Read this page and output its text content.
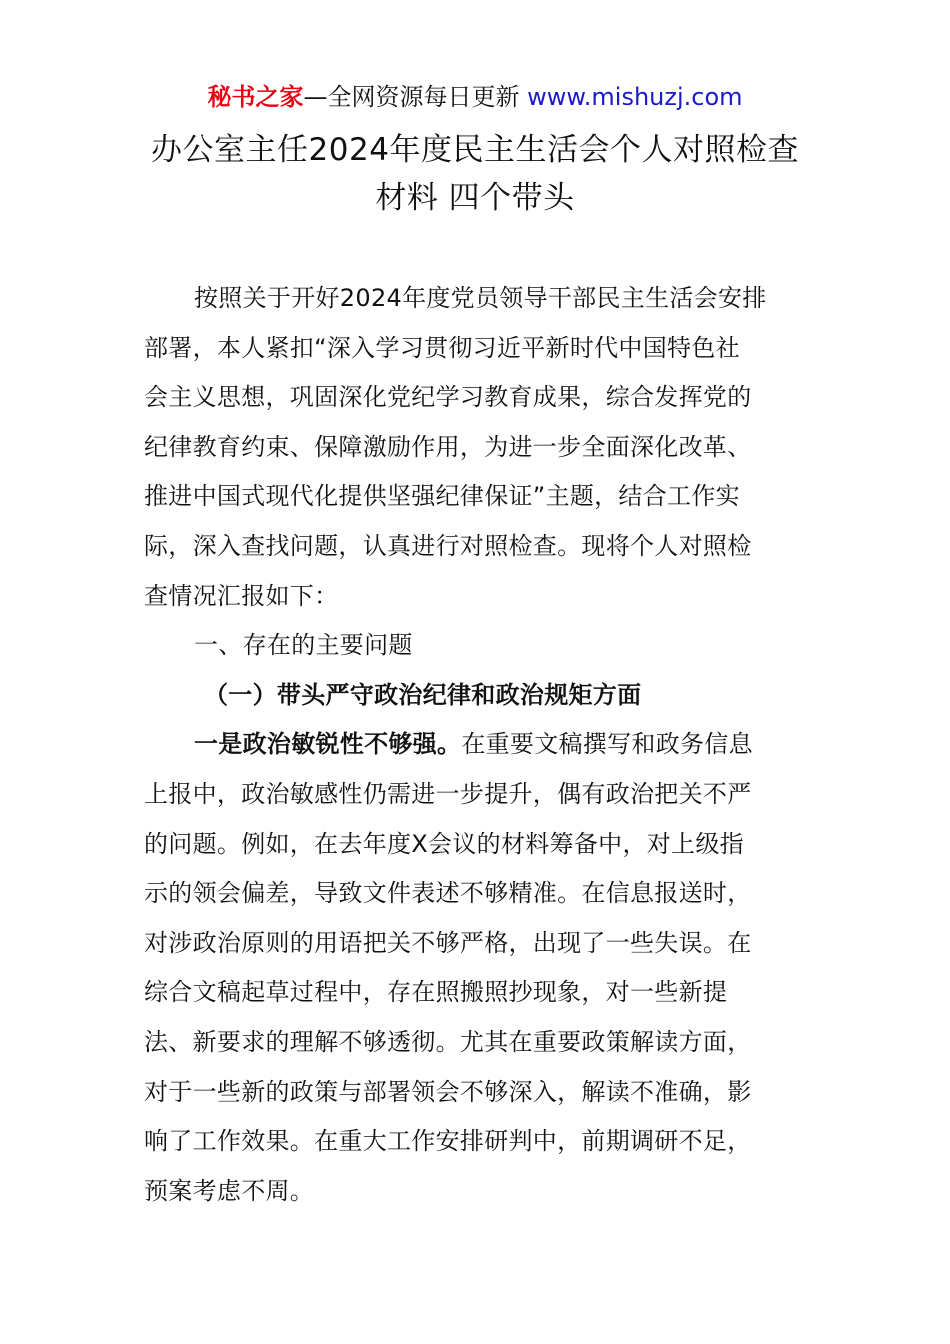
秘书之家—全网资源每日更新 www.mishuzj.com
办公室主任2024年度民主生活会个人对照检查
材料 四个带头
按照关于开好2024年度党员领导干部民主生活会安排
部署，本人紧扣“深入学习贯彻习近平新时代中国特色社
会主义思想，巩固深化党纪学习教育成果，综合发挥党的
纪律教育约束、保障激励作用，为进一步全面深化改革、
推进中国式现代化提供坚强纪律保证”主题，结合工作实
际，深入查找问题，认真进行对照检查。现将个人对照检
查情况汇报如下：
一、存在的主要问题
（一）带头严守政治纪律和政治规矩方面
一是政治敏锐性不够强。在重要文稿撰写和政务信息
上报中，政治敏感性仍需进一步提升，偶有政治把关不严
的问题。例如，在去年度X会议的材料筹备中，对上级指
示的领会偏差，导致文件表述不够精准。在信息报送时，
对涉政治原则的用语把关不够严格，出现了一些失误。在
综合文稿起草过程中，存在照搬照抄现象，对一些新提
法、新要求的理解不够透彻。尤其在重要政策解读方面，
对于一些新的政策与部署领会不够深入，解读不准确，影
响了工作效果。在重大工作安排研判中，前期调研不足，
预案考虑不周。
